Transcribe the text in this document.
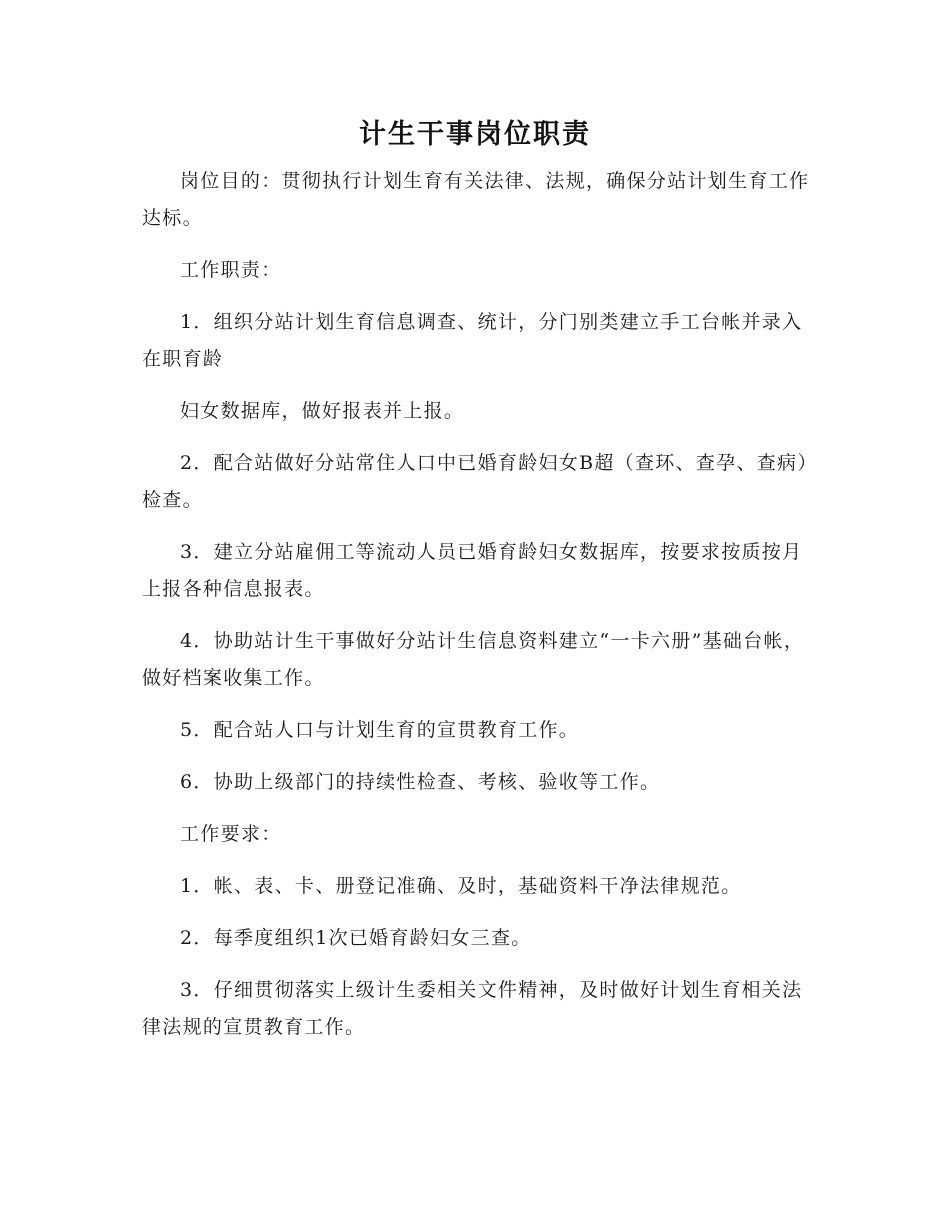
计生干事岗位职责

岗位目的：贯彻执行计划生育有关法律、法规，确保分站计划生育工作达标。

工作职责：

1．组织分站计划生育信息调查、统计，分门别类建立手工台帐并录入在职育龄

妇女数据库，做好报表并上报。

2．配合站做好分站常住人口中已婚育龄妇女B超（查环、查孕、查病）检查。

3．建立分站雇佣工等流动人员已婚育龄妇女数据库，按要求按质按月上报各种信息报表。

4．协助站计生干事做好分站计生信息资料建立“一卡六册”基础台帐，做好档案收集工作。

5．配合站人口与计划生育的宣贯教育工作。

6．协助上级部门的持续性检查、考核、验收等工作。

工作要求：

1．帐、表、卡、册登记准确、及时，基础资料干净法律规范。

2．每季度组织1次已婚育龄妇女三查。

3．仔细贯彻落实上级计生委相关文件精神，及时做好计划生育相关法律法规的宣贯教育工作。
